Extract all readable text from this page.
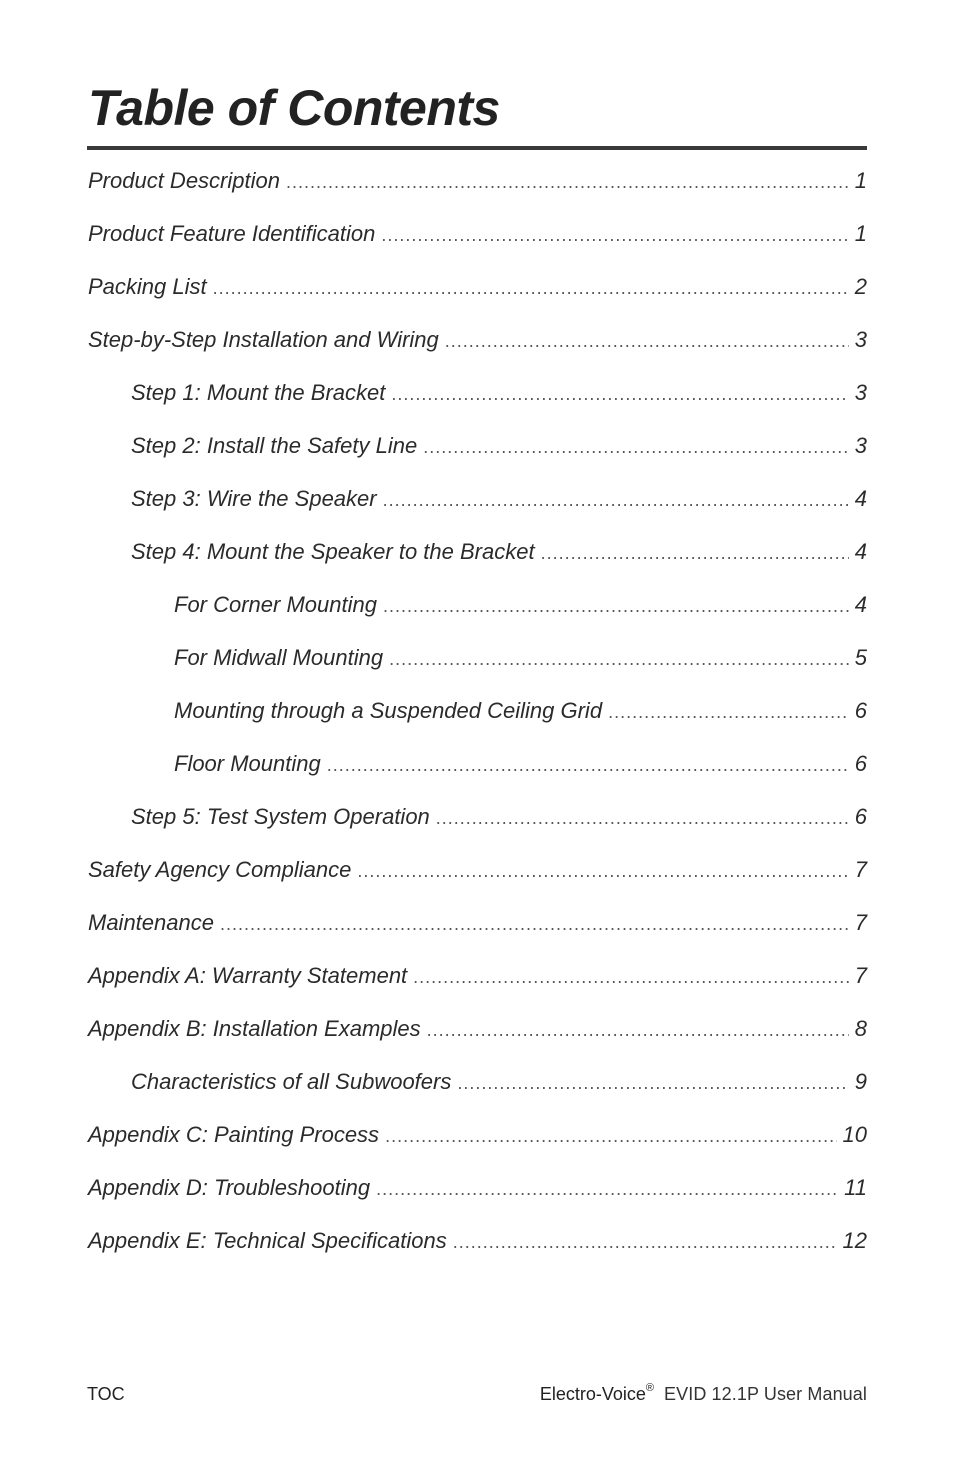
Table of Contents
Product Description .....	1
Product Feature Identification .....	1
Packing List .....	2
Step-by-Step Installation and Wiring .....	3
Step 1: Mount the Bracket .....	3
Step 2: Install the Safety Line .....	3
Step 3: Wire the Speaker .....	4
Step 4: Mount the Speaker to the Bracket .....	4
For Corner Mounting .....	4
For Midwall Mounting .....	5
Mounting through a Suspended Ceiling Grid .....	6
Floor Mounting .....	6
Step 5: Test System Operation .....	6
Safety Agency Compliance .....	7
Maintenance .....	7
Appendix A: Warranty Statement .....	7
Appendix B: Installation Examples .....	8
Characteristics of all Subwoofers .....	9
Appendix C: Painting Process .....	10
Appendix D: Troubleshooting .....	11
Appendix E: Technical Specifications .....	12
TOC	Electro-Voice® EVID 12.1P User Manual
